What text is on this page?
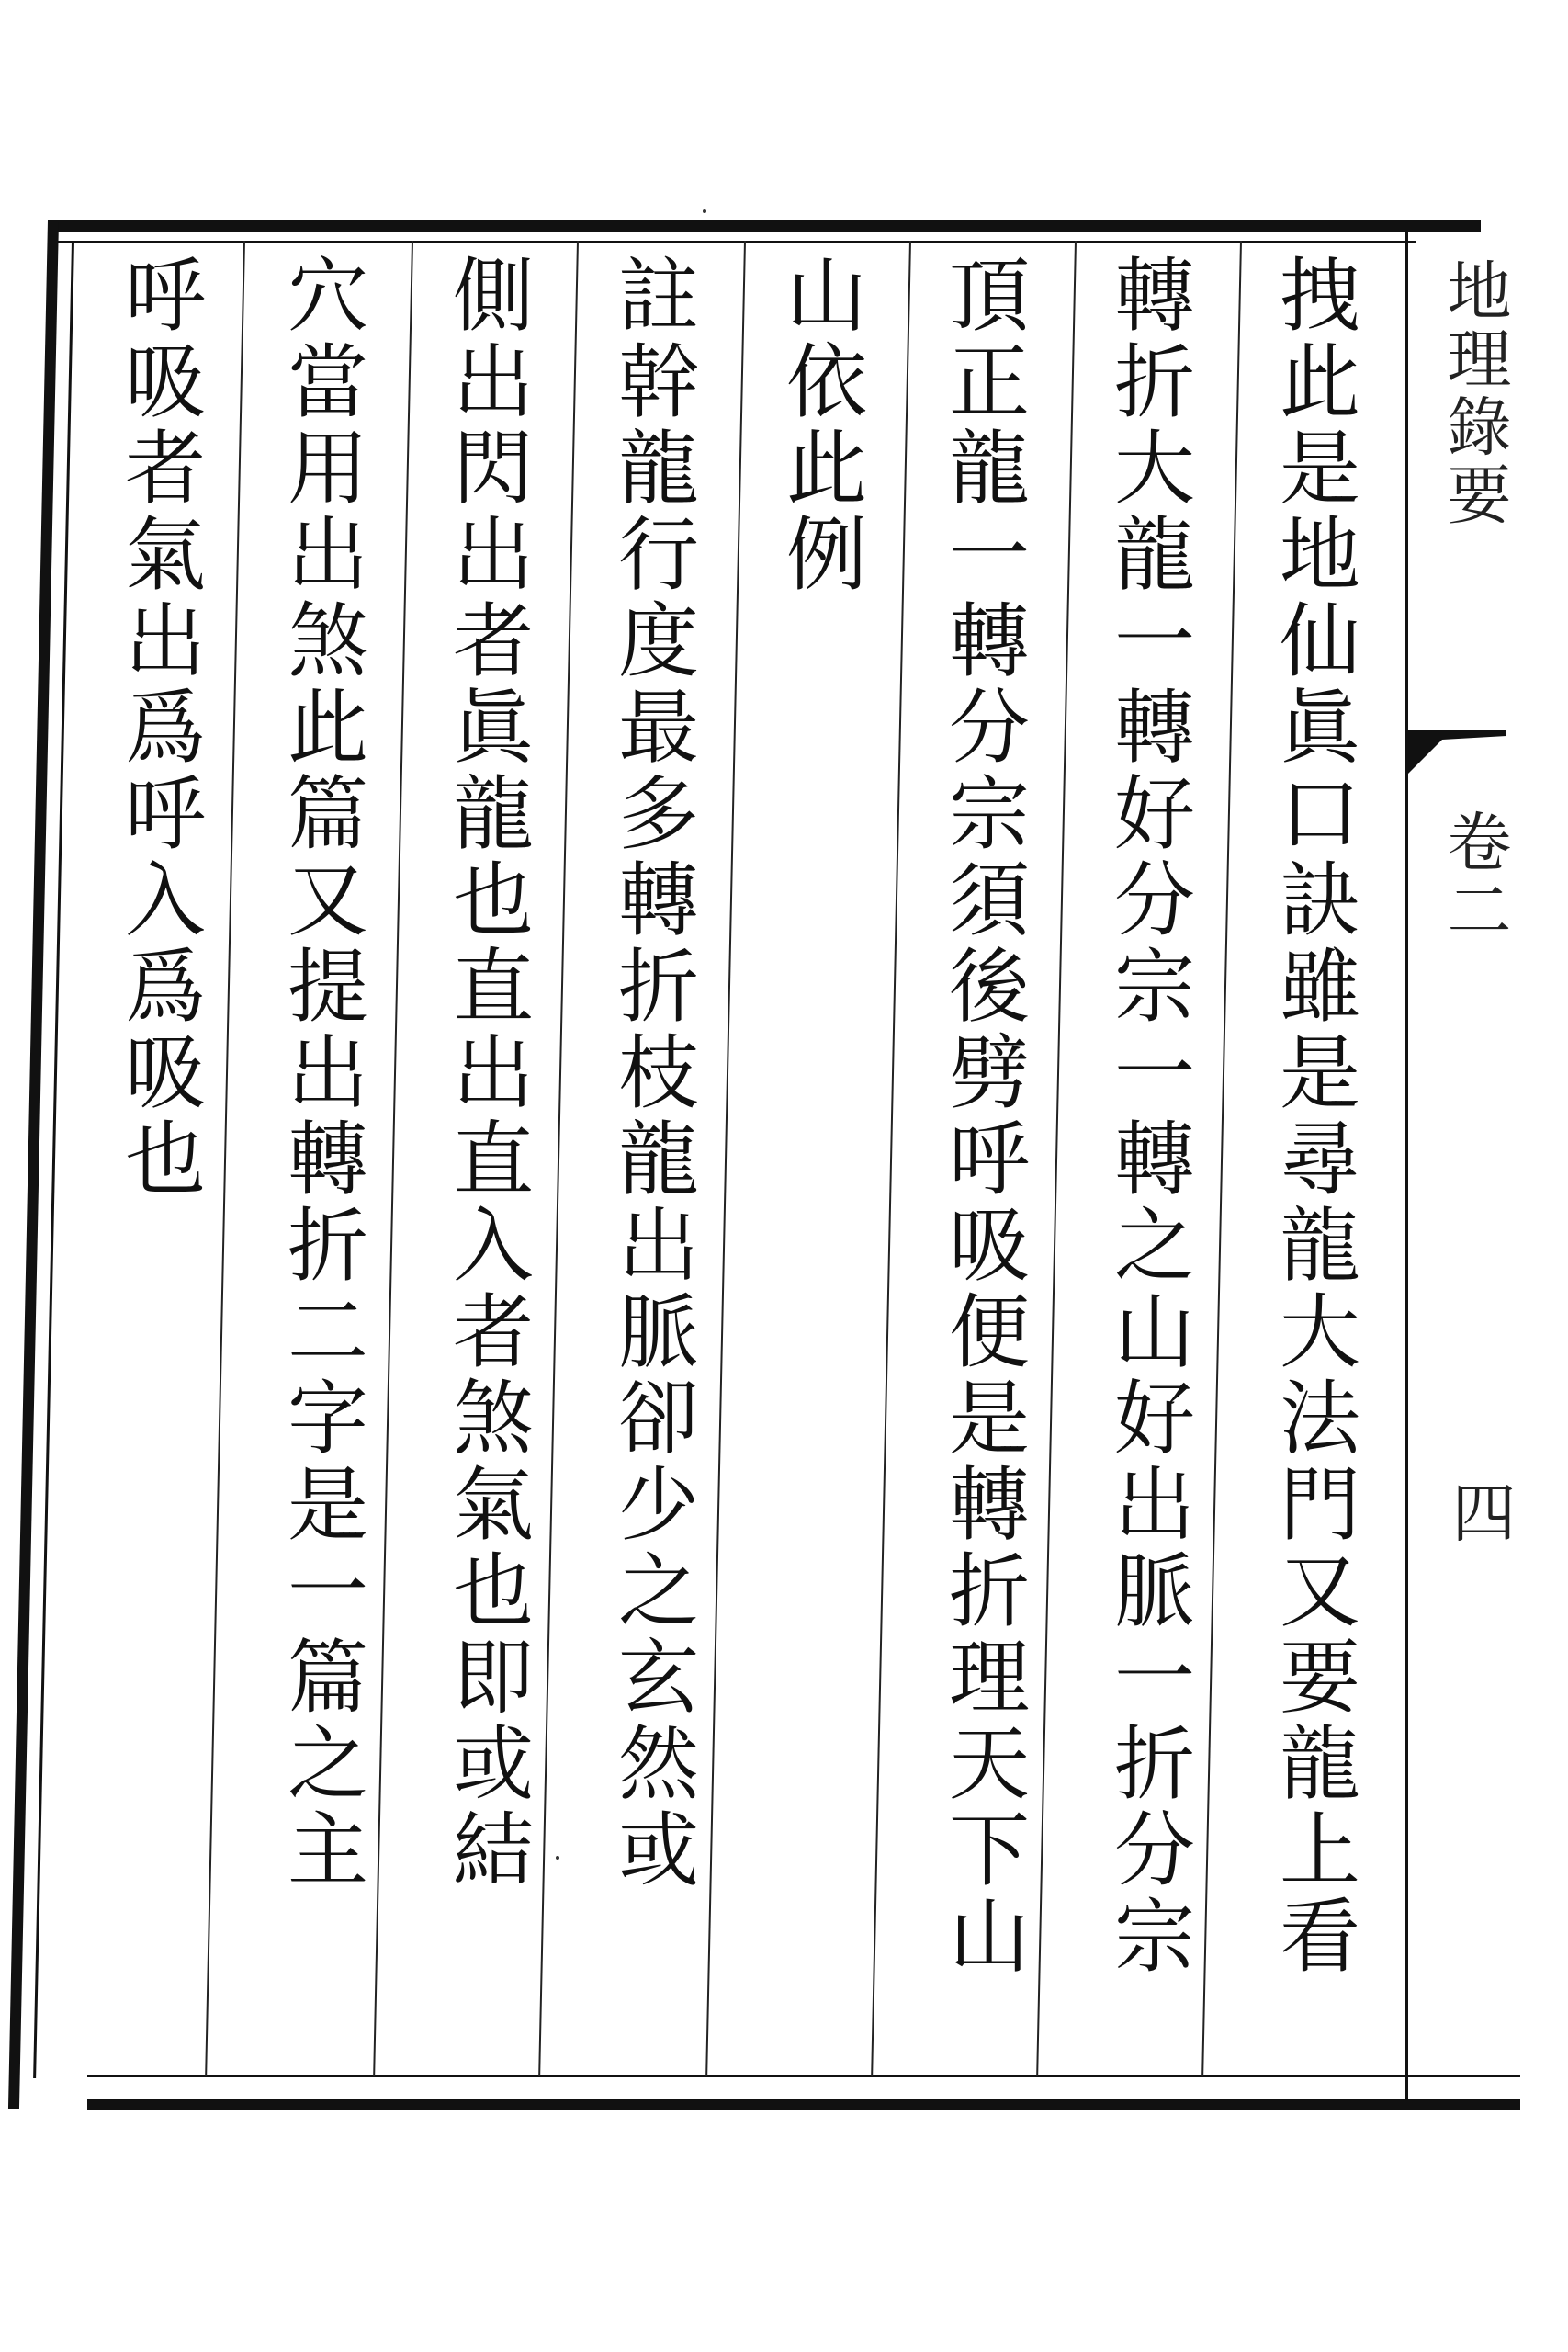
地理錄要
卷二
四
拽此是地仙眞口訣雖是尋龍大法門又要龍上看
轉折大龍一轉好分宗一轉之山好出脈一折分宗
頂正龍一轉分宗須後劈呼吸便是轉折理天下山
山依此例
註幹龍行度最多轉折枝龍出脈卻少之玄然或
側出閃出者眞龍也直出直入者煞氣也即或結
穴當用出煞此篇又提出轉折二字是一篇之主
呼吸者氣出爲呼入爲吸也
